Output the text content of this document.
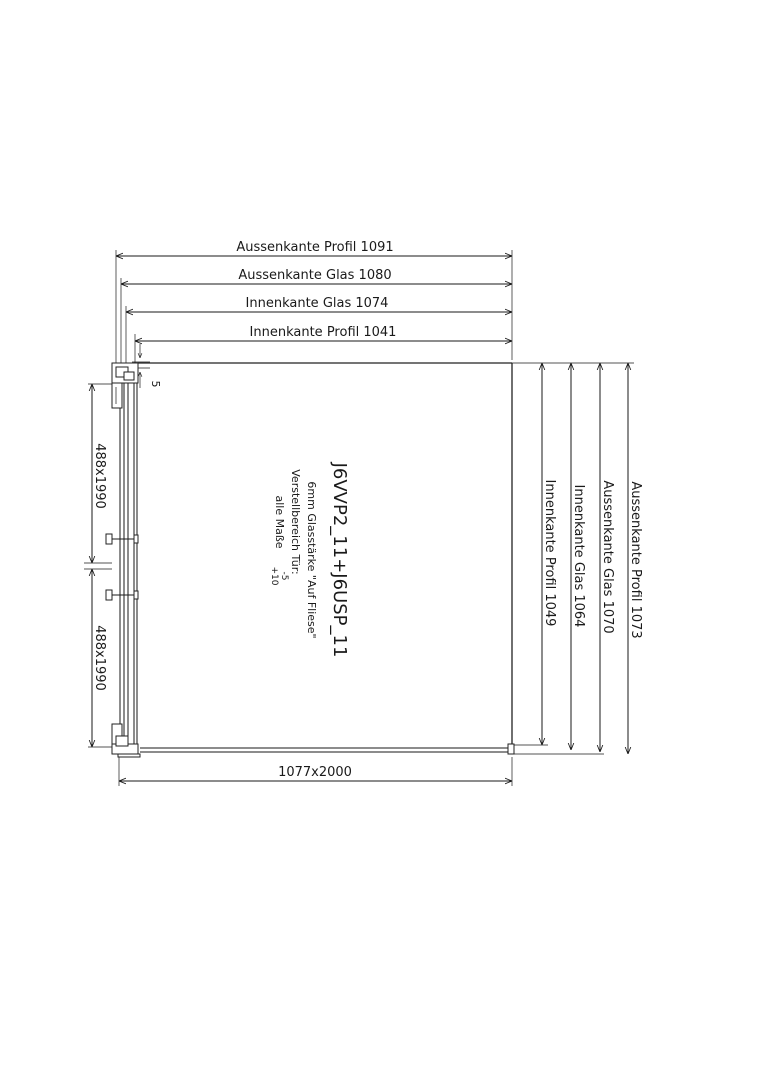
Aussenkante Profil 1091
Aussenkante Glas 1080
Innenkante Glas 1074
Innenkante Profil 1041
5
J6VVP2_11+J6USP_11
6mm Glasstärke "Auf Fliese"
Verstellbereich Tür:
alle Maße
-5
+10
488x1990
488x1990
Innenkante Profil 1049 Innenkante Glas 1064 Aussenkante Glas 1070 Aussenkante Profil 1073
1077x2000
